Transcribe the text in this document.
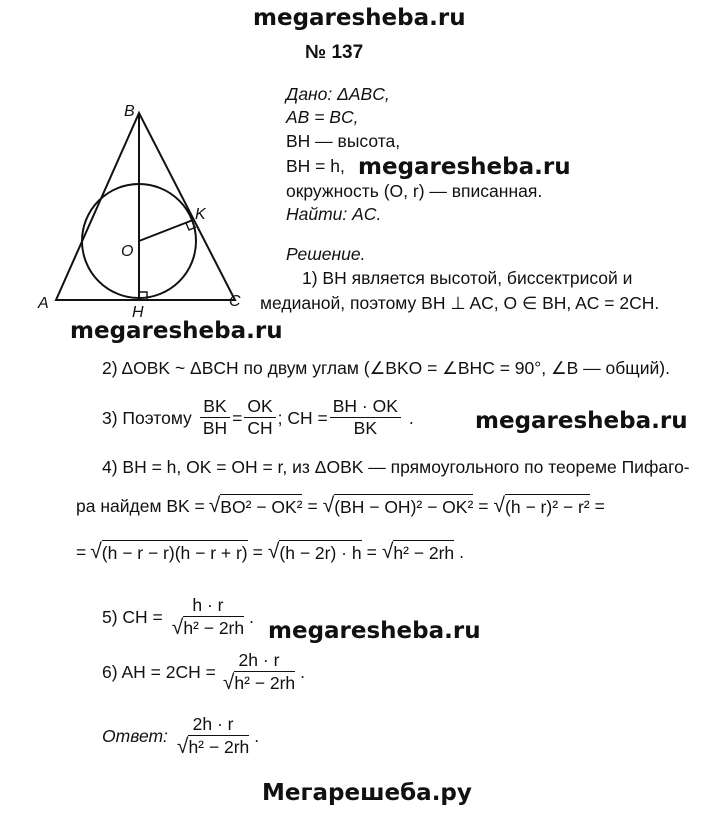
megaresheba.ru
megaresheba.ru
megaresheba.ru
megaresheba.ru
megaresheba.ru
Мегарешеба.ру
№ 137
B
K
O
A
H
C
Дано: ΔABC,
AB = BC,
BH — высота,
BH = h,
окружность (O, r) — вписанная.
Найти: AC.
Решение.
1) BH является высотой, биссектрисой и
медианой, поэтому BH ⊥ AC, O ∈ BH, AC = 2CH.
2) ΔOBK ~ ΔBCH по двум углам (∠BKO = ∠BHC = 90°, ∠B — общий).
3) Поэтому $\frac{BK}{BH} = \frac{OK}{CH}$ ; CH = $\frac{BH \cdot OK}{BK}$ .
4) BH = h, OK = OH = r, из ΔOBK — прямоугольного по теореме Пифаго-
ра найдем BK = √ BO² − OK² = √ (BH − OH)² − OK² = √ (h − r)² − r² =
= √ (h − r − r)(h − r + r) = √ (h − 2r) · h = √ h² − 2rh .
5) CH = $\frac{h \cdot r}{\text{√h² − 2rh}}$ .
6) AH = $2CH = \frac{2h \cdot r}{\text{√h² − 2rh}}$ .
Ответ: $\frac{2h \cdot r}{\text{√h² − 2rh}}$ .
